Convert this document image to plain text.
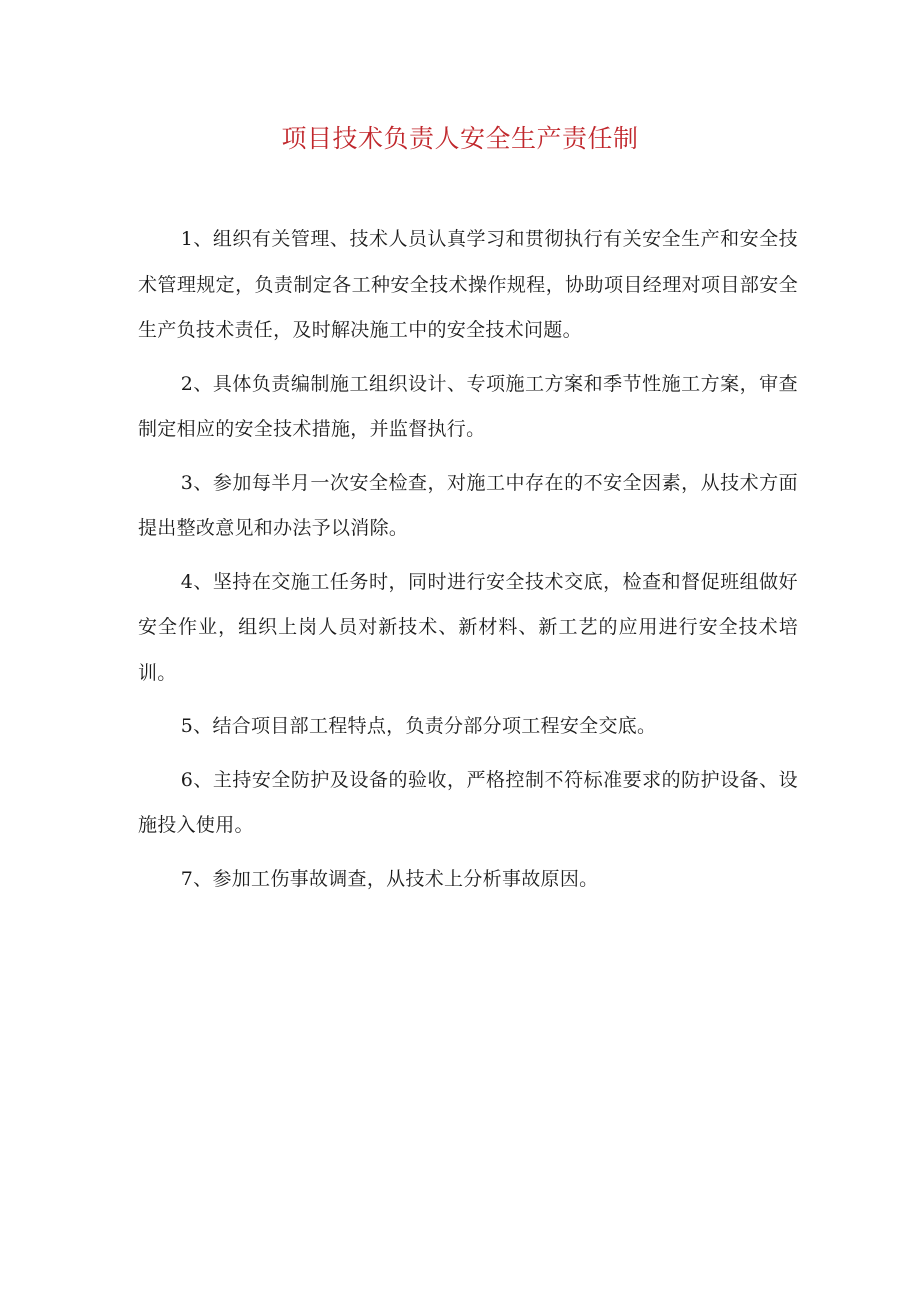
项目技术负责人安全生产责任制

1、组织有关管理、技术人员认真学习和贯彻执行有关安全生产和安全技术管理规定，负责制定各工种安全技术操作规程，协助项目经理对项目部安全生产负技术责任，及时解决施工中的安全技术问题。

2、具体负责编制施工组织设计、专项施工方案和季节性施工方案，审查制定相应的安全技术措施，并监督执行。

3、参加每半月一次安全检查，对施工中存在的不安全因素，从技术方面提出整改意见和办法予以消除。

4、坚持在交施工任务时，同时进行安全技术交底，检查和督促班组做好安全作业，组织上岗人员对新技术、新材料、新工艺的应用进行安全技术培训。

5、结合项目部工程特点，负责分部分项工程安全交底。

6、主持安全防护及设备的验收，严格控制不符标准要求的防护设备、设施投入使用。

7、参加工伤事故调查，从技术上分析事故原因。
